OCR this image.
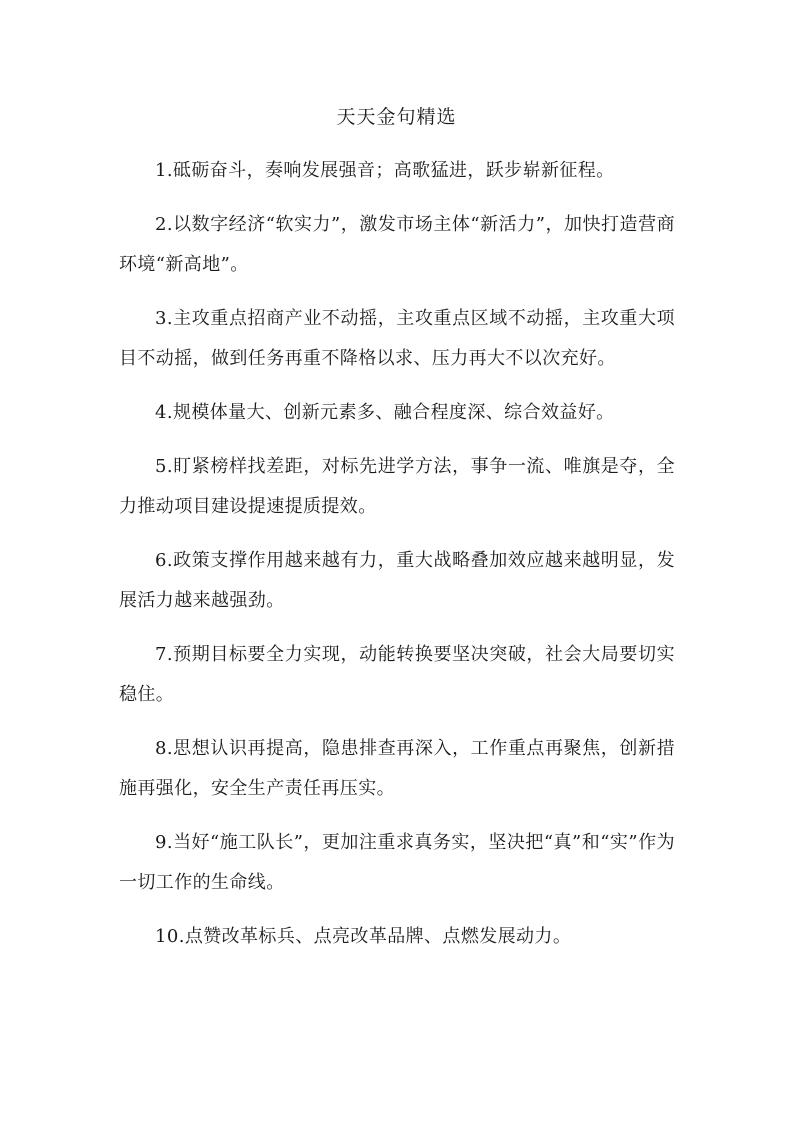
天天金句精选
1.砥砺奋斗，奏响发展强音；高歌猛进，跃步崭新征程。
2.以数字经济“软实力”，激发市场主体“新活力”，加快打造营商环境“新高地”。
3.主攻重点招商产业不动摇，主攻重点区域不动摇，主攻重大项目不动摇，做到任务再重不降格以求、压力再大不以次充好。
4.规模体量大、创新元素多、融合程度深、综合效益好。
5.盯紧榜样找差距，对标先进学方法，事争一流、唯旗是夺，全力推动项目建设提速提质提效。
6.政策支撑作用越来越有力，重大战略叠加效应越来越明显，发展活力越来越强劲。
7.预期目标要全力实现，动能转换要坚决突破，社会大局要切实稳住。
8.思想认识再提高，隐患排查再深入，工作重点再聚焦，创新措施再强化，安全生产责任再压实。
9.当好“施工队长”，更加注重求真务实，坚决把“真”和“实”作为一切工作的生命线。
10.点赞改革标兵、点亮改革品牌、点燃发展动力。
